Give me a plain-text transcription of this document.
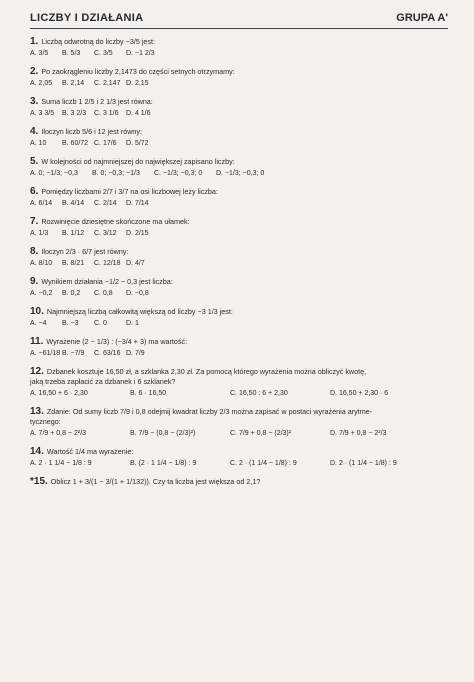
LICZBY I DZIAŁANIA	GRUPA A'
1. Liczbą odwrotną do liczby −3/5 jest:
A. 3/5	B. 5/3	C. 3/5	D. −1 2/3
2. Po zaokrągleniu liczby 2,1473 do części setnych otrzymamy:
A. 2,05	B. 2,14	C. 2,147 D. 2,15
3. Suma liczb 1 2/5 i 2 1/3 jest równa:
A. 3 3/5	B. 3 2/3	C. 3 1/6	D. 4 1/6
4. Iloczyn liczb 5/6 i 12 jest równy:
A. 10	B. 60/72 C. 17/6	D. 5/72
5. W kolejności od najmniejszej do największej zapisano liczby:
A. 0; −1/3; −0,3	B. 0; −0,3; −1/3	C. −1/3; −0,3; 0	D. −1/3; −0,3; 0
6. Pomiędzy liczbami 2/7 i 3/7 na osi liczbowej leży liczba:
A. 6/14	B. 4/14	C. 2/14	D. 7/14
7. Rozwinięcie dziesiętne skończone ma ułamek:
A. 1/3	B. 1/12	C. 3/12	D. 2/15
8. Iloczyn 2/3 · 6/7 jest równy:
A. 8/10	B. 8/21	C. 12/18 D. 4/7
9. Wynikiem działania −1/2 − 0,3 jest liczba:
A. −0,2	B. 0,2	C. 0,8	D. −0,8
10. Najmniejszą liczbą całkowitą większą od liczby −3 1/3 jest:
A. −4	B. −3	C. 0	D. 1
11. Wyrażenie (2 − 1/3) : (−3/4 + 3) ma wartość:
A. −61/18 B. −7/9	C. 63/16 D. 7/9
12. Dzbanek kosztuje 16,50 zł, a szklanka 2,30 zł. Za pomocą którego wyrażenia można obliczyć kwotę,
jaką trzeba zapłacić za dzbanek i 6 szklanek?
A. 16,50 + 6 · 2,30	B. 6 · 16,50	C. 16,50 : 6 + 2,30	D. 16,50 + 2,30 · 6
13. Zdanie: Od sumy liczb 7/9 i 0,8 odejmij kwadrat liczby 2/3 można zapisać w postaci wyrażenia arytme-
tycznego:
A. 7/9 + 0,8 − 2²/3	B. 7/9 − (0,8 − (2/3)²)	C. 7/9 + 0,8 − (2/3)²	D. 7/9 + 0,8 − 2²/3
14. Wartość 1/4 ma wyrażenie:
A. 2 · 1 1/4 − 1/8 : 9	B. (2 · 1 1/4 − 1/8) : 9	C. 2 · (1 1/4 − 1/8) : 9	D. 2 · (1 1/4 − 1/8) : 9
*15. Oblicz 1 + 3/(1 − 3/(1 + 1/132)). Czy ta liczba jest większa od 2,1?
